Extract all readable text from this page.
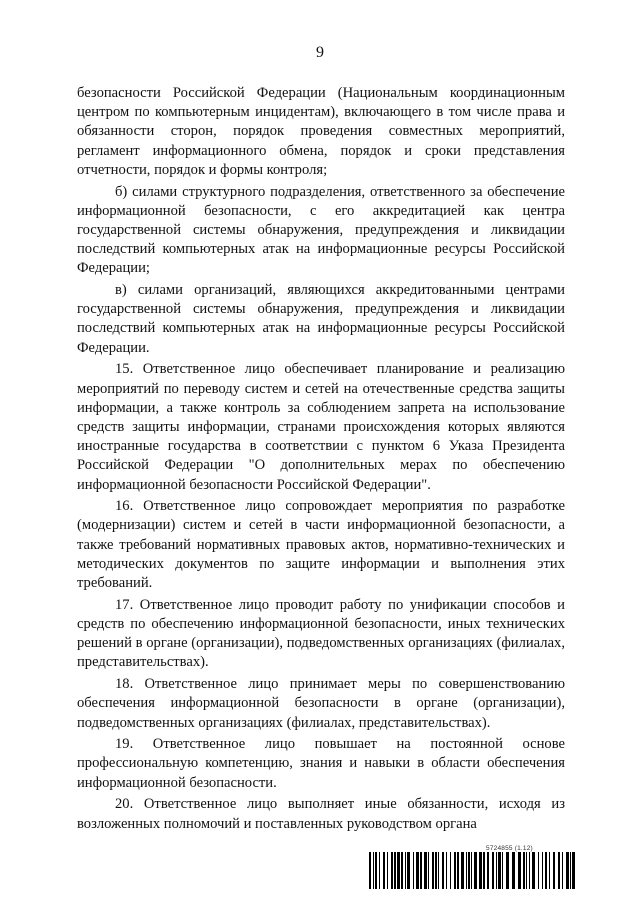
9

безопасности Российской Федерации (Национальным координационным центром по компьютерным инцидентам), включающего в том числе права и обязанности сторон, порядок проведения совместных мероприятий, регламент информационного обмена, порядок и сроки представления отчетности, порядок и формы контроля;

б) силами структурного подразделения, ответственного за обеспечение информационной безопасности, с его аккредитацией как центра государственной системы обнаружения, предупреждения и ликвидации последствий компьютерных атак на информационные ресурсы Российской Федерации;

в) силами организаций, являющихся аккредитованными центрами государственной системы обнаружения, предупреждения и ликвидации последствий компьютерных атак на информационные ресурсы Российской Федерации.

15. Ответственное лицо обеспечивает планирование и реализацию мероприятий по переводу систем и сетей на отечественные средства защиты информации, а также контроль за соблюдением запрета на использование средств защиты информации, странами происхождения которых являются иностранные государства в соответствии с пунктом 6 Указа Президента Российской Федерации "О дополнительных мерах по обеспечению информационной безопасности Российской Федерации".

16. Ответственное лицо сопровождает мероприятия по разработке (модернизации) систем и сетей в части информационной безопасности, а также требований нормативных правовых актов, нормативно-технических и методических документов по защите информации и выполнения этих требований.

17. Ответственное лицо проводит работу по унификации способов и средств по обеспечению информационной безопасности, иных технических решений в органе (организации), подведомственных организациях (филиалах, представительствах).

18. Ответственное лицо принимает меры по совершенствованию обеспечения информационной безопасности в органе (организации), подведомственных организациях (филиалах, представительствах).

19. Ответственное лицо повышает на постоянной основе профессиональную компетенцию, знания и навыки в области обеспечения информационной безопасности.

20. Ответственное лицо выполняет иные обязанности, исходя из возложенных полномочий и поставленных руководством органа

5724855 (1.12)
